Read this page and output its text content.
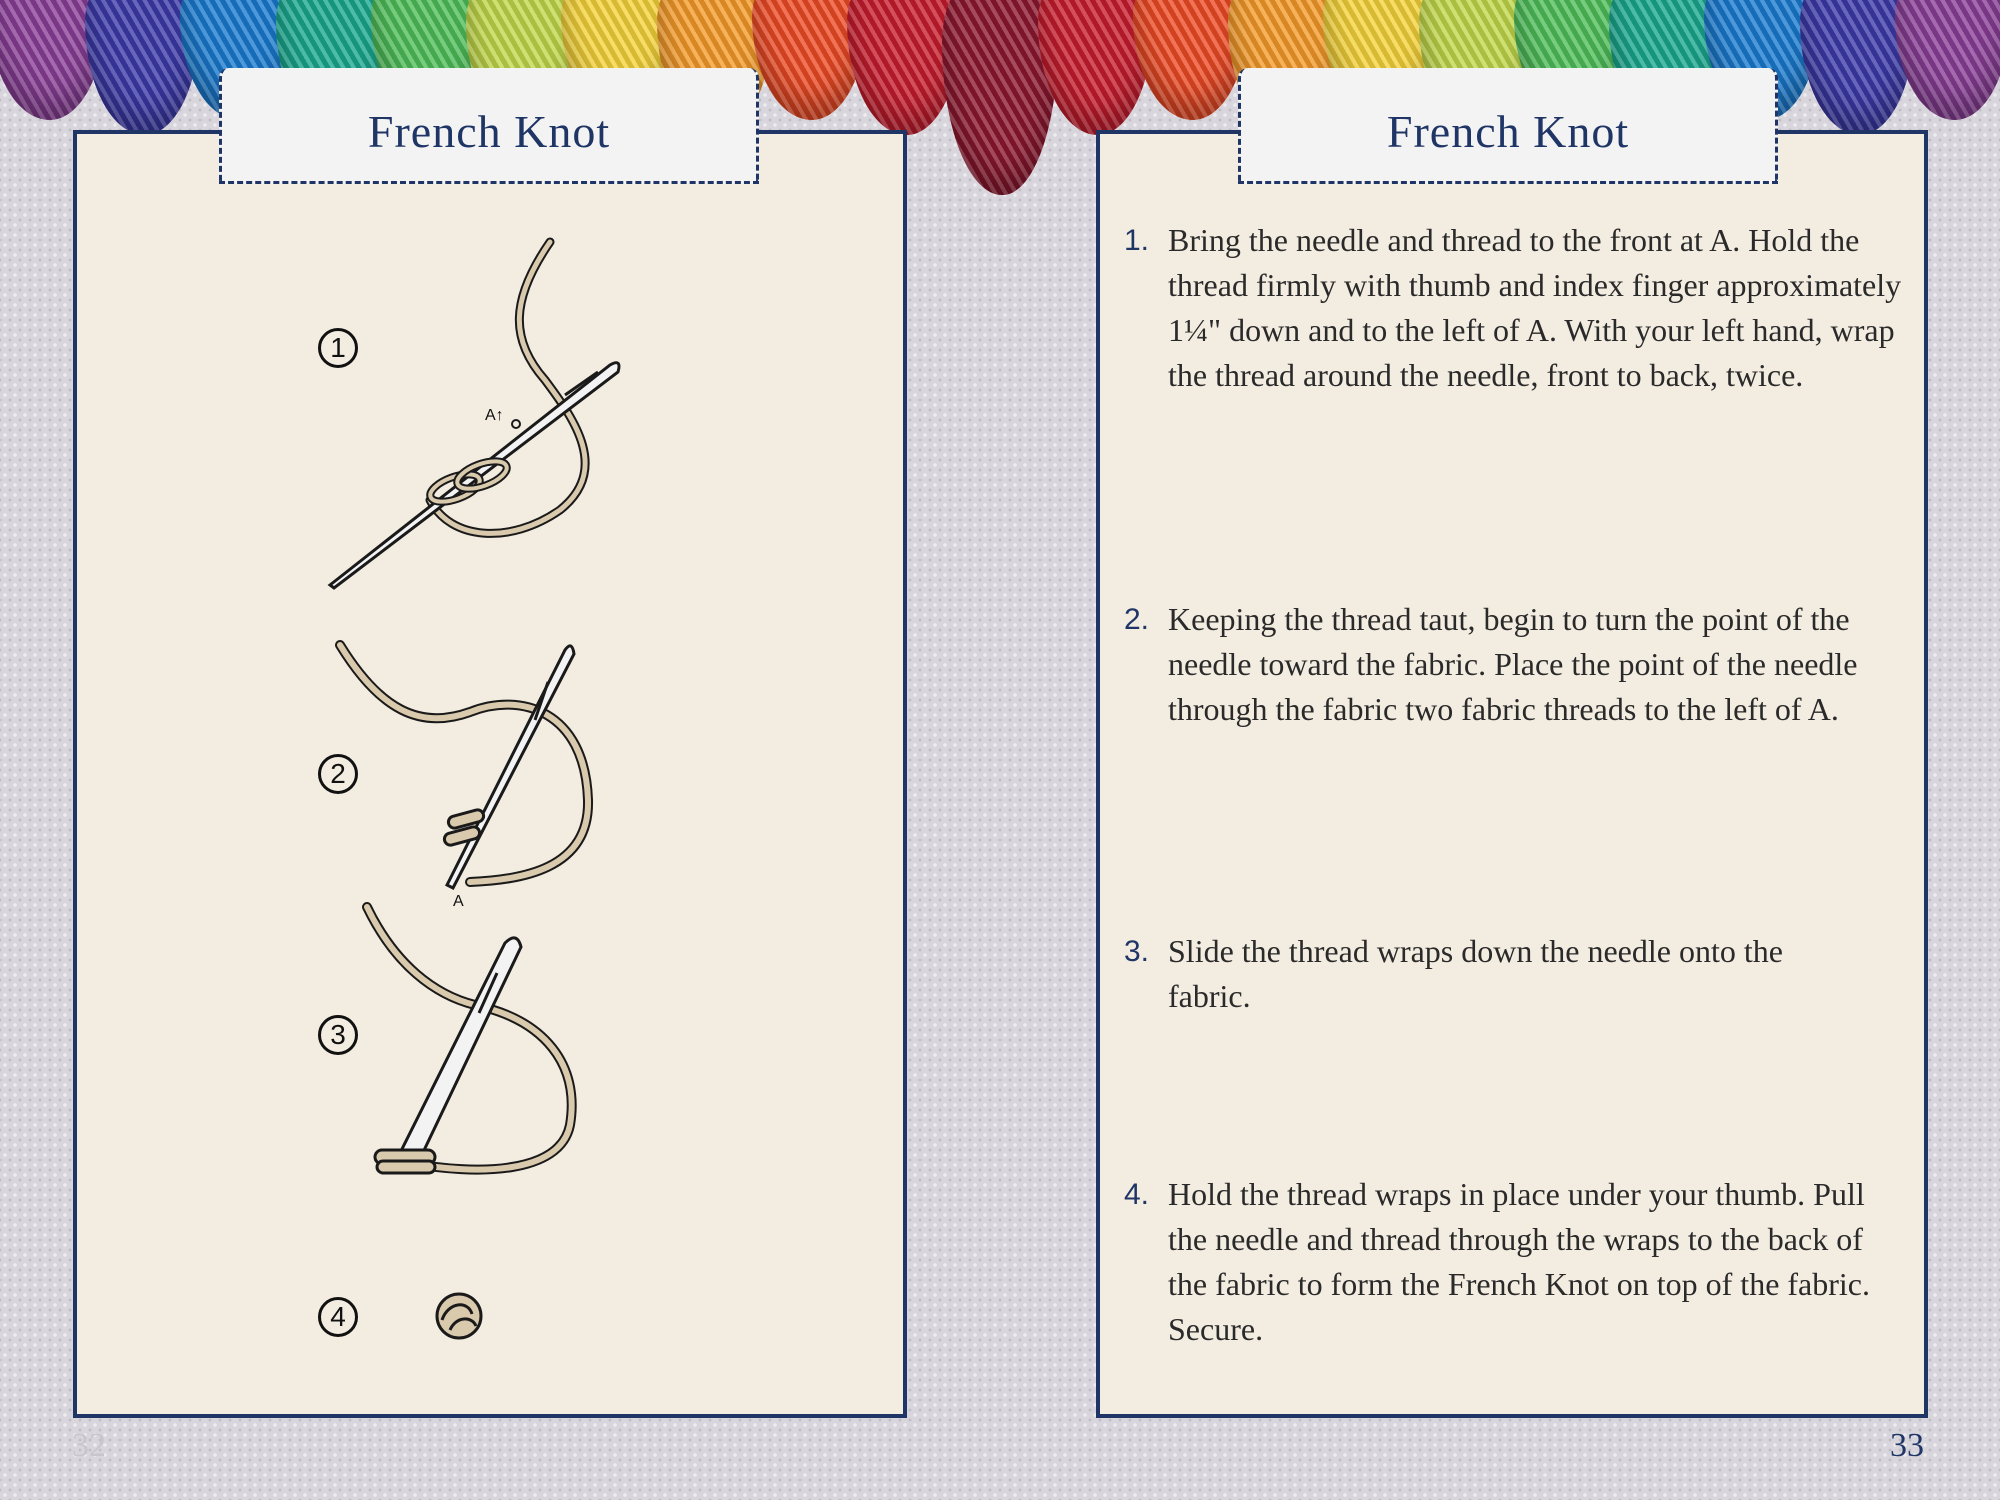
French Knot
1
A↑
2
A
3
4
32
French Knot
1. Bring the needle and thread to the front at A. Hold the thread firmly with thumb and index finger approximately 1¼" down and to the left of A. With your left hand, wrap the thread around the needle, front to back, twice.
2. Keeping the thread taut, begin to turn the point of the needle toward the fabric. Place the point of the needle through the fabric two fabric threads to the left of A.
3. Slide the thread wraps down the needle onto the fabric.
4. Hold the thread wraps in place under your thumb. Pull the needle and thread through the wraps to the back of the fabric to form the French Knot on top of the fabric. Secure.
33
